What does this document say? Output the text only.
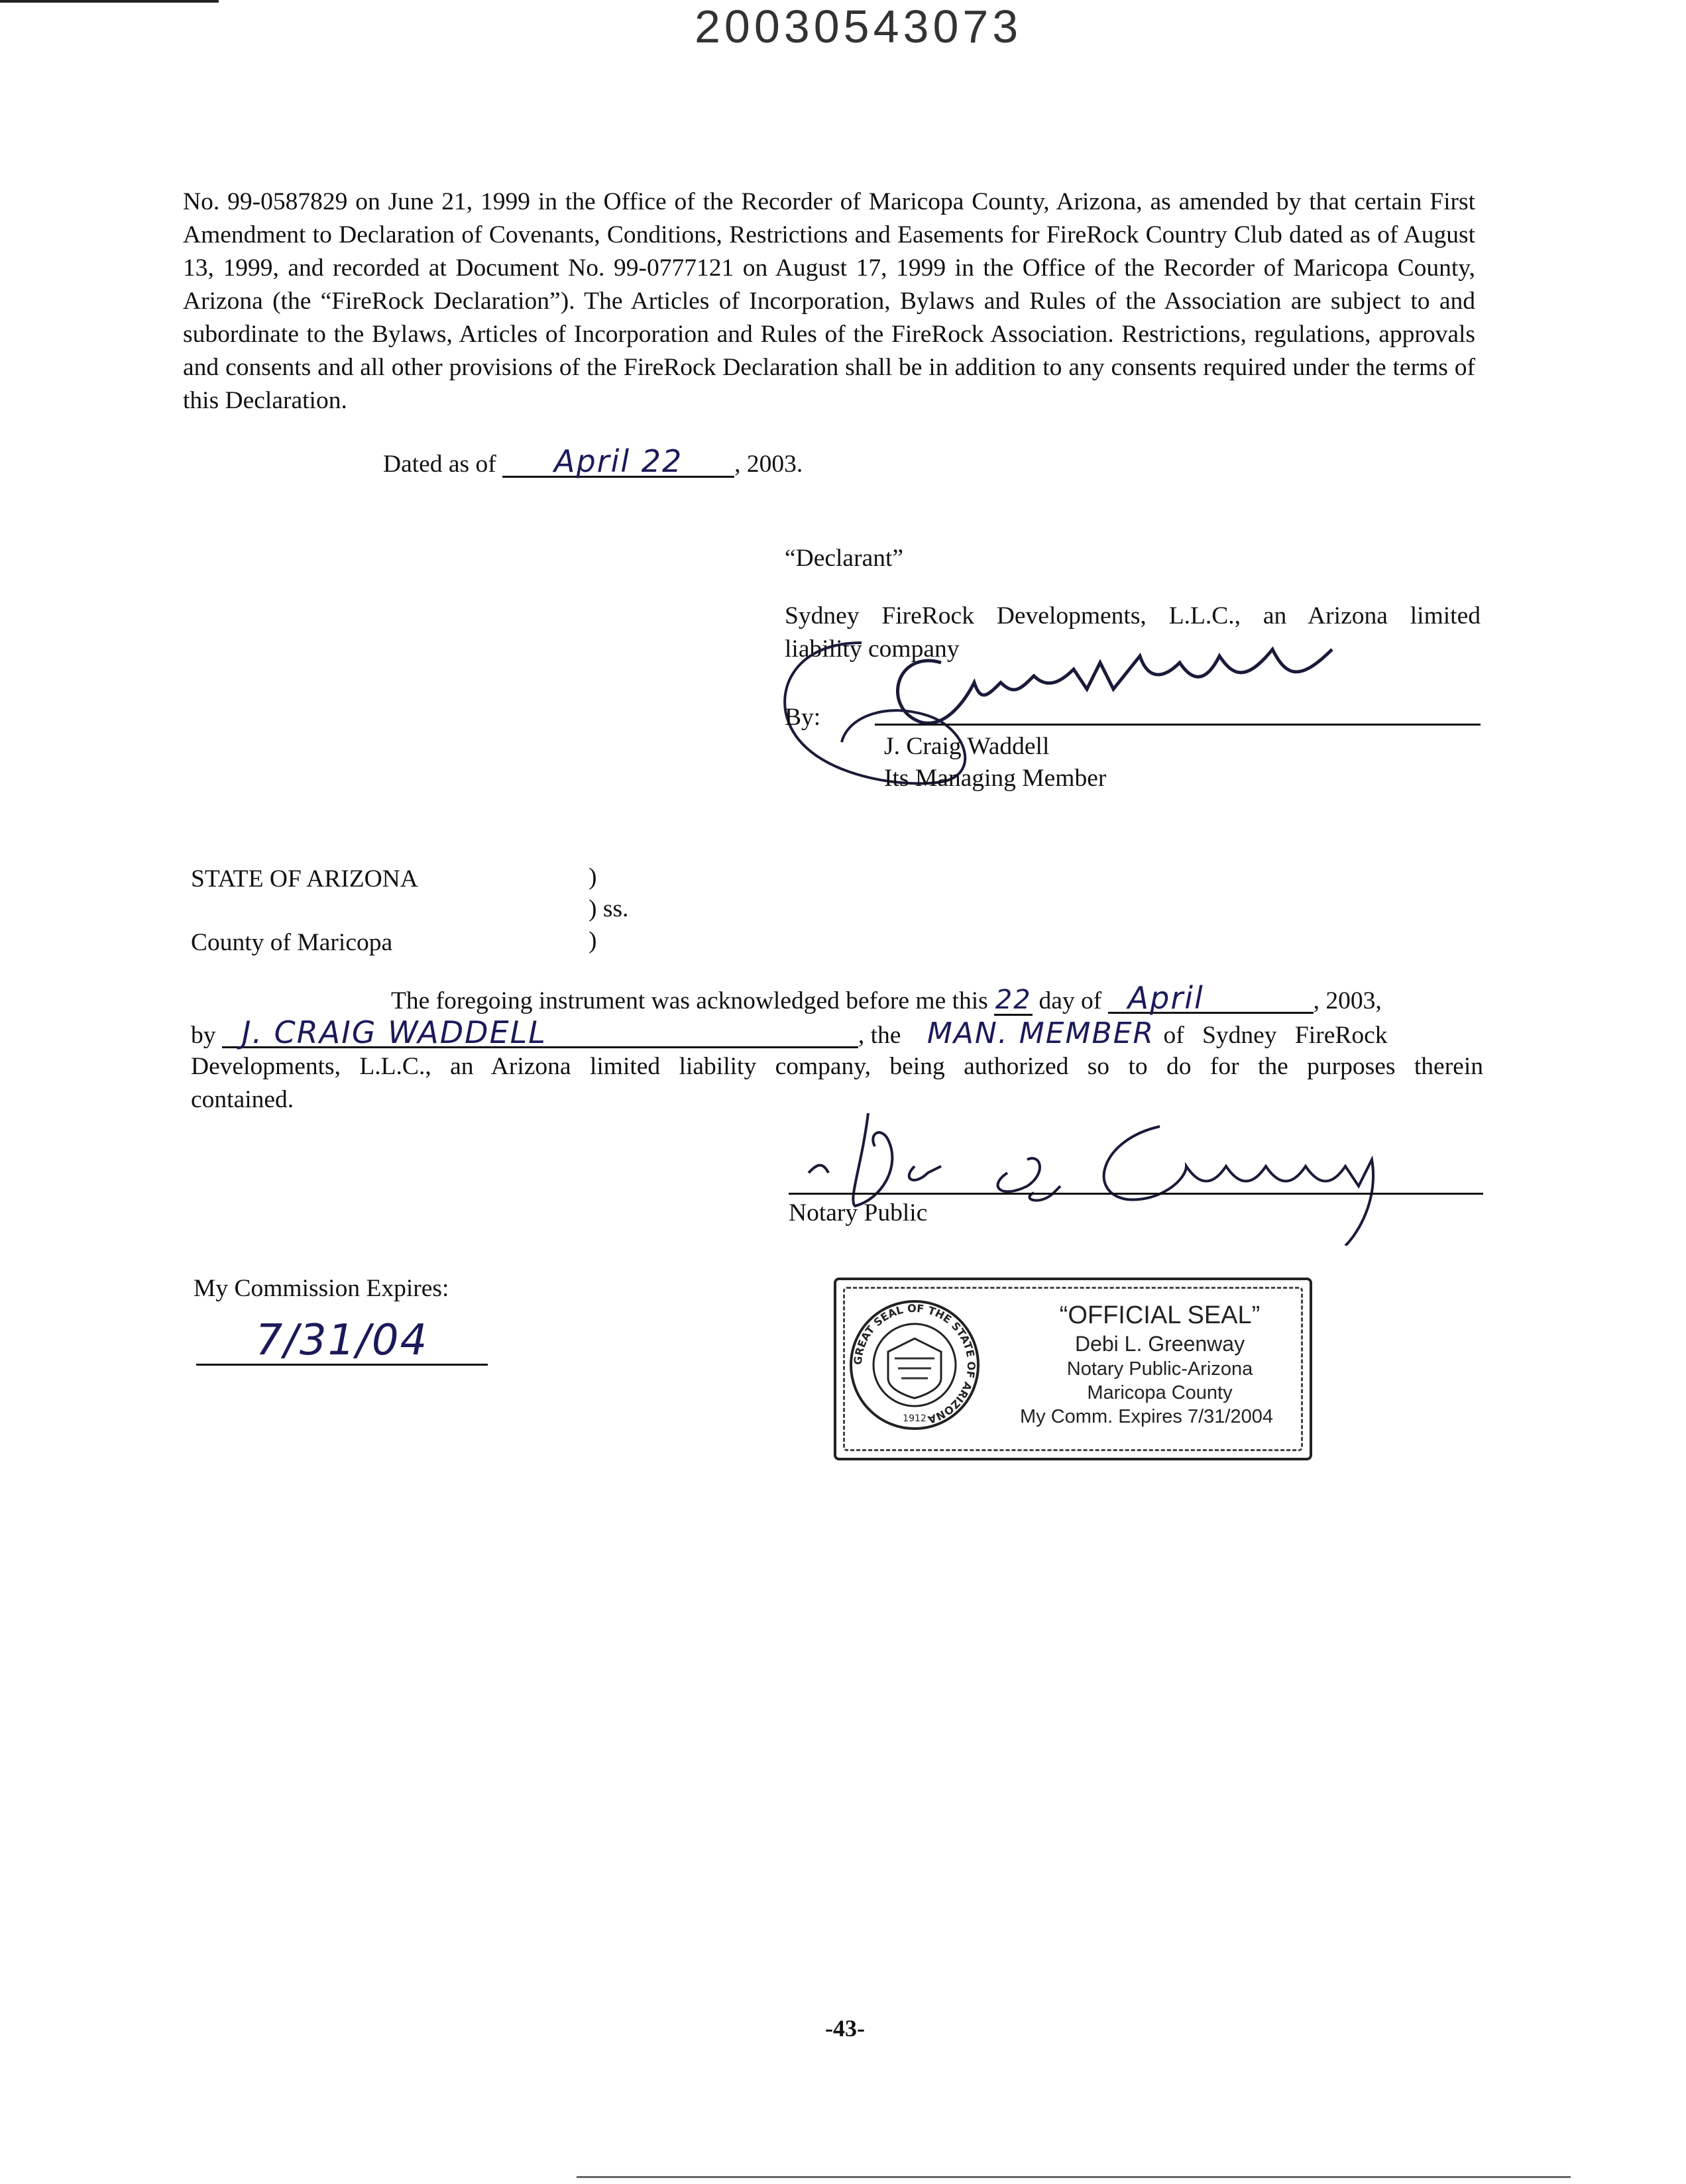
20030543073
No. 99-0587829 on June 21, 1999 in the Office of the Recorder of Maricopa County, Arizona, as amended by that certain First Amendment to Declaration of Covenants, Conditions, Restrictions and Easements for FireRock Country Club dated as of August 13, 1999, and recorded at Document No. 99-0777121 on August 17, 1999 in the Office of the Recorder of Maricopa County, Arizona (the “FireRock Declaration”). The Articles of Incorporation, Bylaws and Rules of the Association are subject to and subordinate to the Bylaws, Articles of Incorporation and Rules of the FireRock Association. Restrictions, regulations, approvals and consents and all other provisions of the FireRock Declaration shall be in addition to any consents required under the terms of this Declaration.
Dated as of April 22 , 2003.
“Declarant”
Sydney FireRock Developments, L.L.C., an Arizona limited
liability company
By:
J. Craig Waddell
Its Managing Member
STATE OF ARIZONA	)
) ss.
County of Maricopa	)
The foregoing instrument was acknowledged before me this 22 day of April	, 2003,
by J. CRAIG WADDELL	, the MAN. MEMBER of Sydney FireRock
Developments, L.L.C., an Arizona limited liability company, being authorized so to do for the purposes therein
contained.
Notary Public
My Commission Expires:
7/31/04	GREAT SEAL OF THE STATE OF ARIZONA
1912
“OFFICIAL SEAL”
Debi L. Greenway
Notary Public-Arizona
Maricopa County
My Comm. Expires 7/31/2004
-43-
